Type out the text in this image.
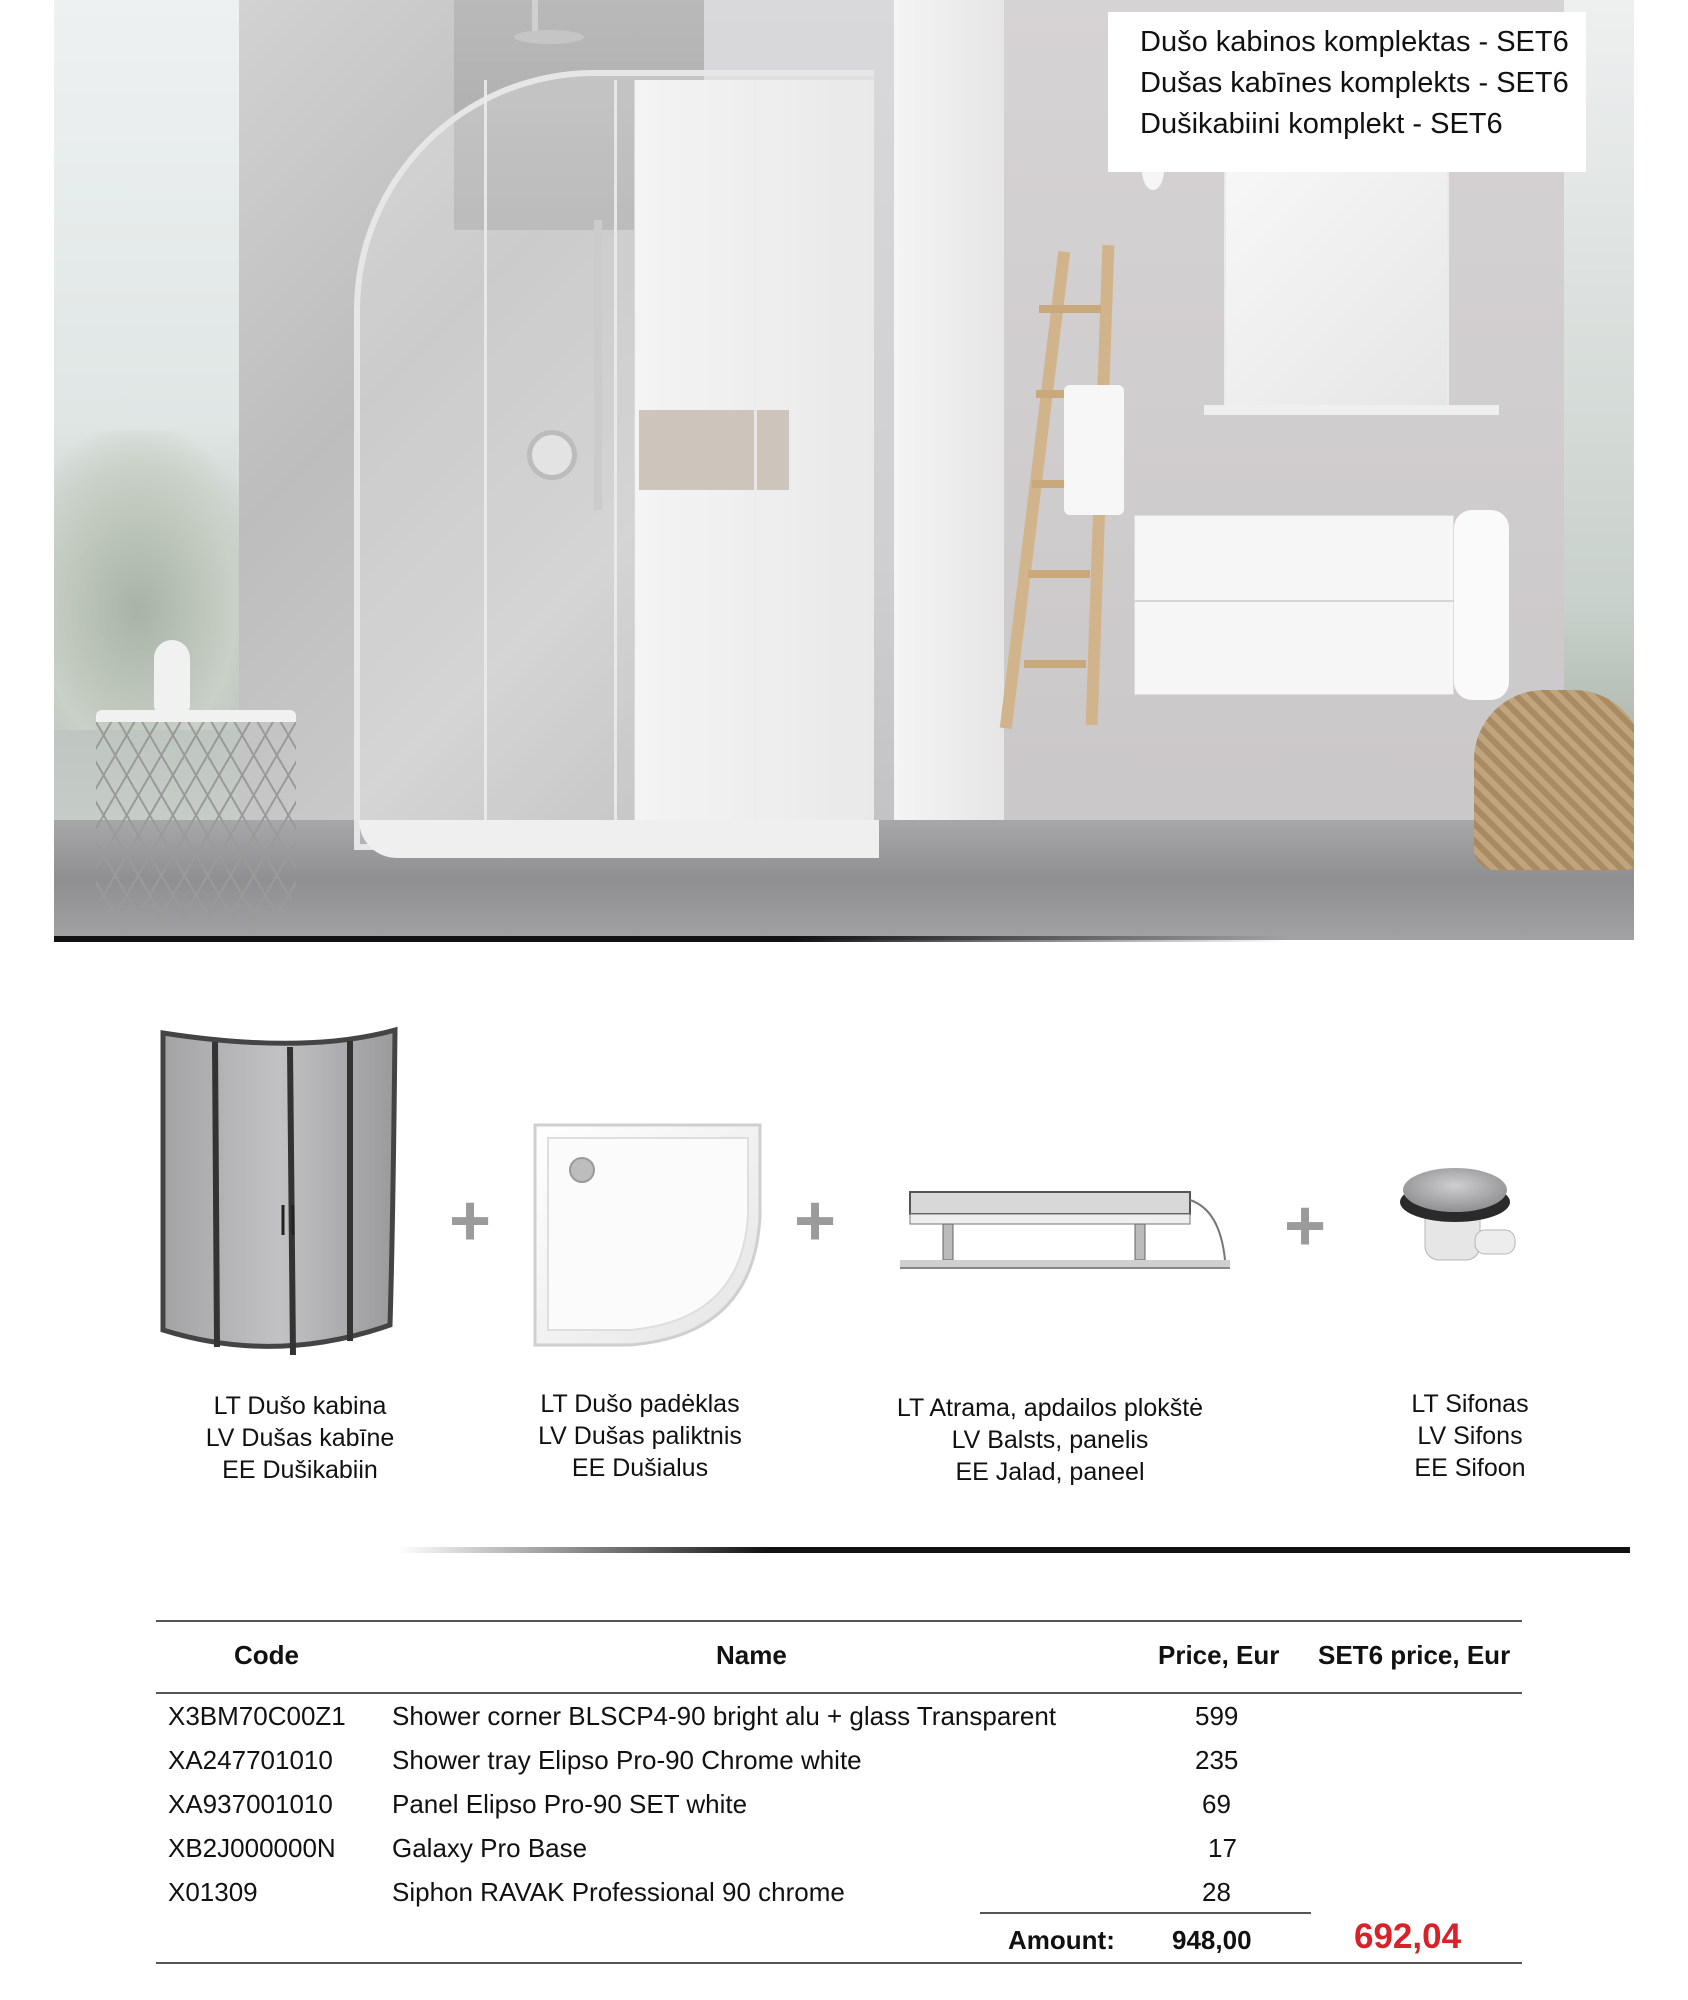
Dušo kabinos komplektas - SET6
Dušas kabīnes komplekts - SET6
Dušikabiini komplekt - SET6
+	+	+
LT Dušo kabina
LV Dušas kabīne
EE Dušikabiin
LT Dušo padėklas
LV Dušas paliktnis
EE Dušialus
LT Atrama, apdailos plokštė
LV Balsts, panelis
EE Jalad, paneel
LT Sifonas
LV Sifons
EE Sifoon
Code	Name	Price, Eur SET6 price, Eur
X3BM70C00Z1 Shower corner BLSCP4-90 bright alu + glass Transparent	599
XA247701010 Shower tray Elipso Pro-90 Chrome white	235
XA937001010 Panel Elipso Pro-90 SET white	69
XB2J000000N Galaxy Pro Base	17
X01309	Siphon RAVAK Professional 90 chrome	28
Amount: 948,00	692,04
